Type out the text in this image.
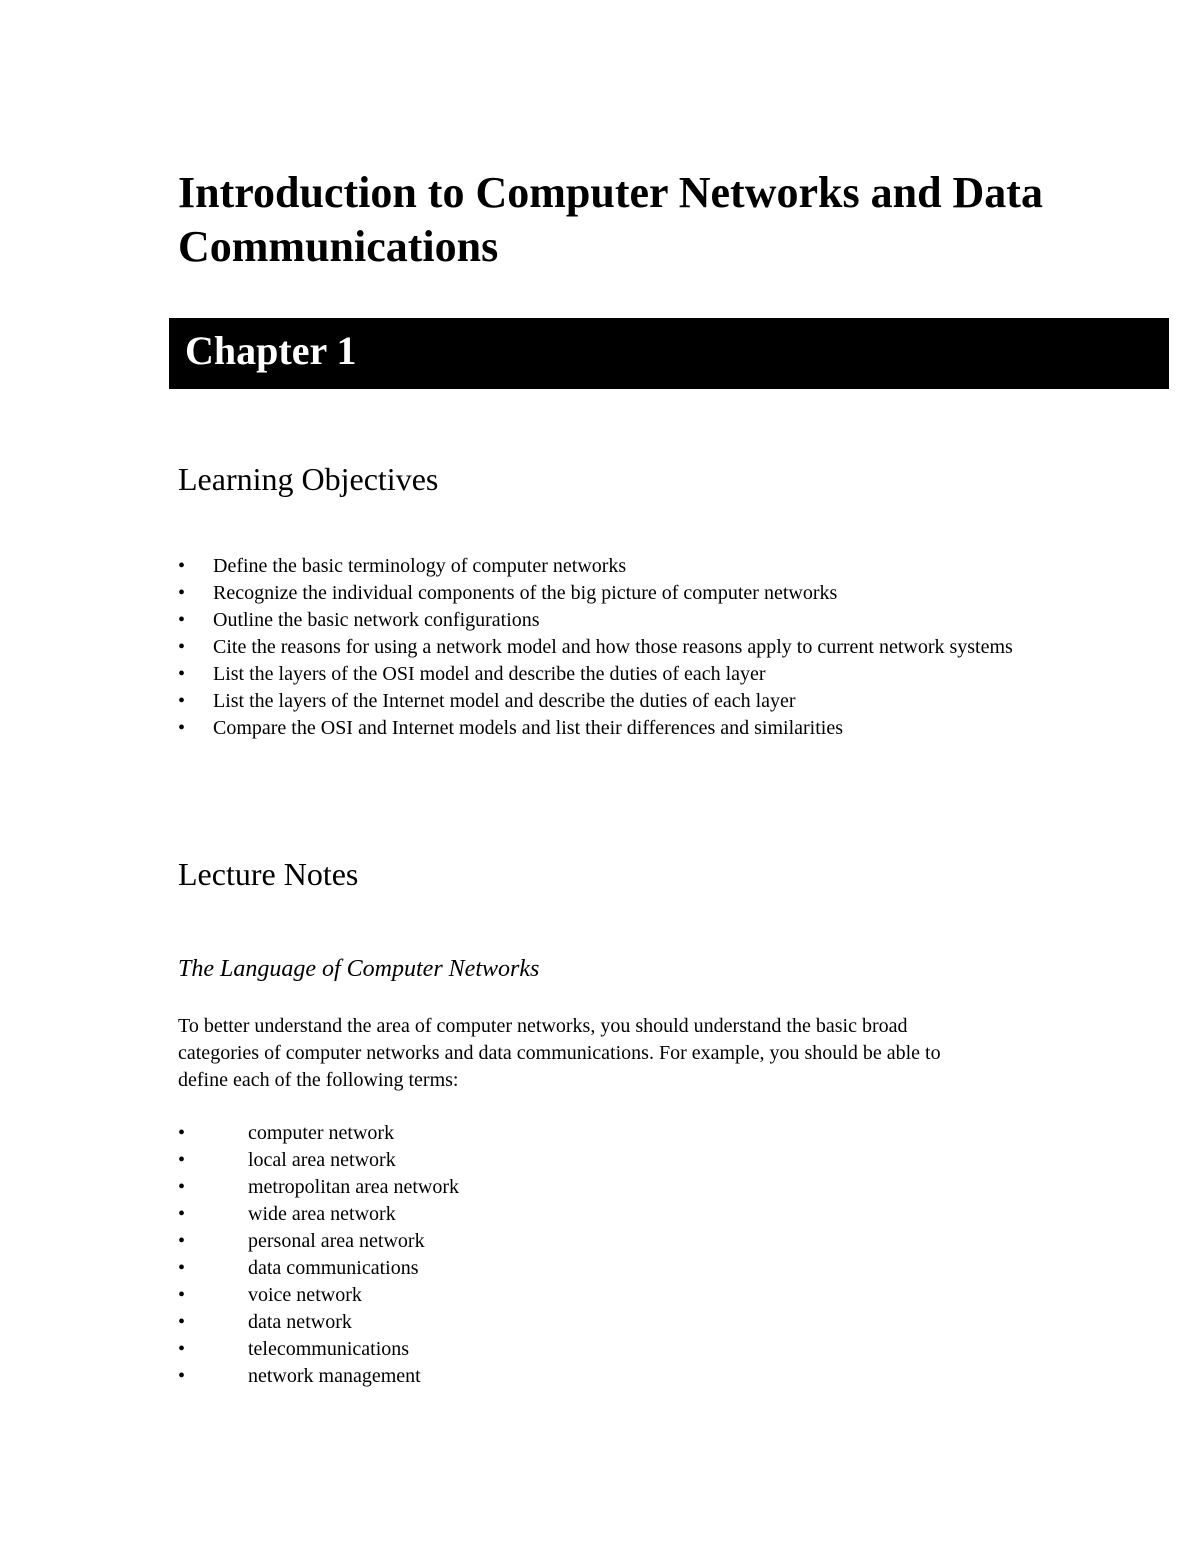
Introduction to Computer Networks and Data Communications
Chapter 1
Learning Objectives
• Define the basic terminology of computer networks
• Recognize the individual components of the big picture of computer networks
• Outline the basic network configurations
• Cite the reasons for using a network model and how those reasons apply to current network systems
• List the layers of the OSI model and describe the duties of each layer
• List the layers of the Internet model and describe the duties of each layer
• Compare the OSI and Internet models and list their differences and similarities
Lecture Notes
The Language of Computer Networks

To better understand the area of computer networks, you should understand the basic broad categories of computer networks and data communications. For example, you should be able to define each of the following terms:

•	computer network
•	local area network
•	metropolitan area network
•	wide area network
•	personal area network
•	data communications
•	voice network
•	data network
•	telecommunications
•	network management
